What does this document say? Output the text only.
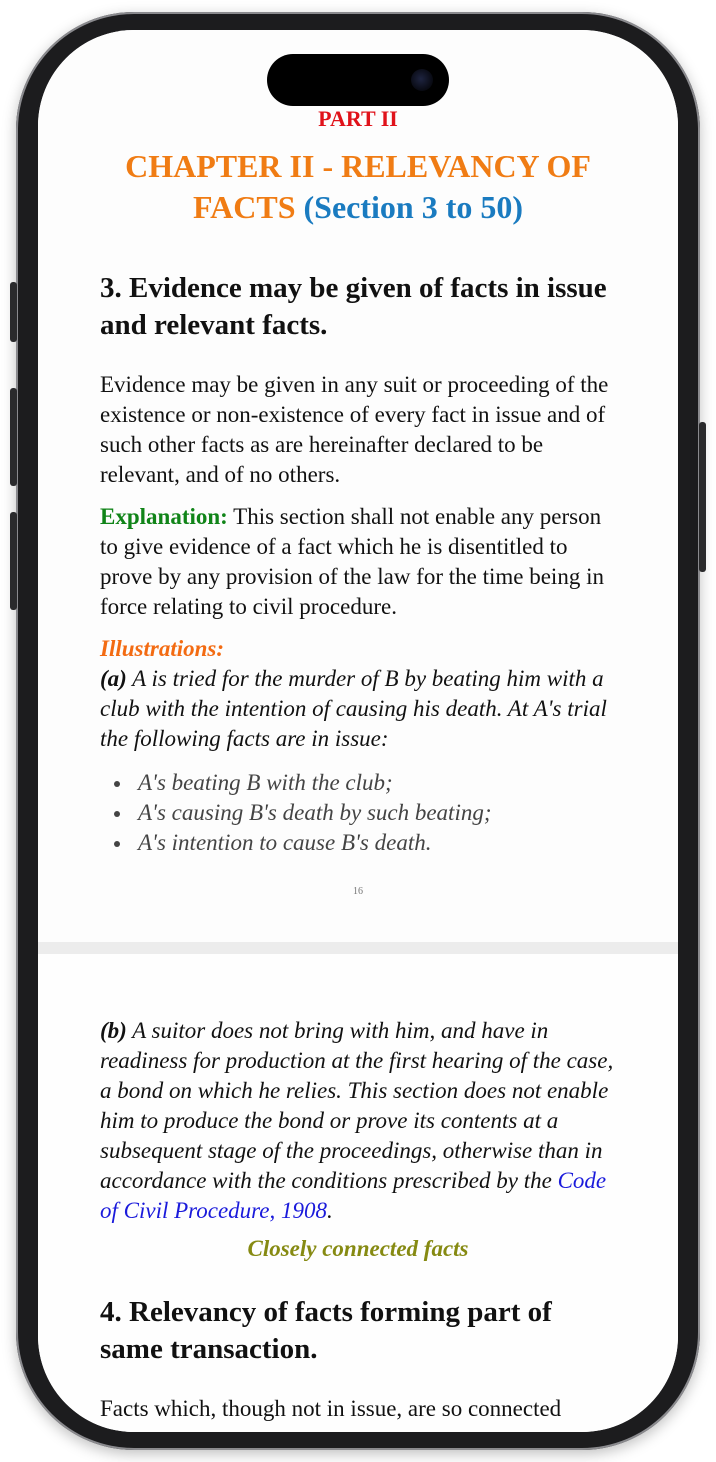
PART II
CHAPTER II - RELEVANCY OF FACTS (Section 3 to 50)
3. Evidence may be given of facts in issue and relevant facts.
Evidence may be given in any suit or proceeding of the existence or non-existence of every fact in issue and of such other facts as are hereinafter declared to be relevant, and of no others.
Explanation: This section shall not enable any person to give evidence of a fact which he is disentitled to prove by any provision of the law for the time being in force relating to civil procedure.
Illustrations:
(a) A is tried for the murder of B by beating him with a club with the intention of causing his death. At A's trial the following facts are in issue:
A's beating B with the club;
A's causing B's death by such beating;
A's intention to cause B's death.
16
(b) A suitor does not bring with him, and have in readiness for production at the first hearing of the case, a bond on which he relies. This section does not enable him to produce the bond or prove its contents at a subsequent stage of the proceedings, otherwise than in accordance with the conditions prescribed by the Code of Civil Procedure, 1908.
Closely connected facts
4. Relevancy of facts forming part of same transaction.
Facts which, though not in issue, are so connected
